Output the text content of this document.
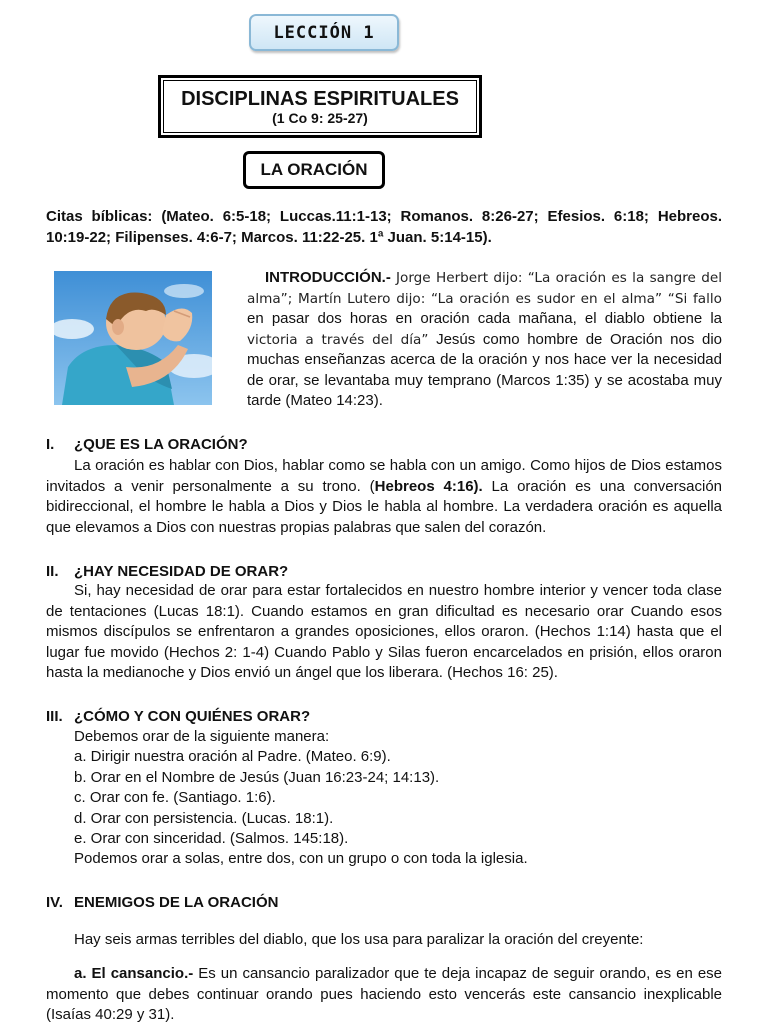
LECCIÓN 1
DISCIPLINAS ESPIRITUALES
(1 Co 9: 25-27)
LA ORACIÓN
Citas bíblicas: (Mateo. 6:5-18; Luccas.11:1-13; Romanos. 8:26-27; Efesios. 6:18; Hebreos. 10:19-22; Filipenses. 4:6-7; Marcos. 11:22-25. 1ª Juan. 5:14-15).
INTRODUCCIÓN.- Jorge Herbert dijo: “La oración es la sangre del alma”; Martín Lutero dijo: “La oración es sudor en el alma” “Si fallo en pasar dos horas en oración cada mañana, el diablo obtiene la victoria a través del día” Jesús como hombre de Oración nos dio muchas enseñanzas acerca de la oración y nos hace ver la necesidad de orar, se levantaba muy temprano (Marcos 1:35) y se acostaba muy tarde (Mateo 14:23).
I. ¿QUE ES LA ORACIÓN?
La oración es hablar con Dios, hablar como se habla con un amigo. Como hijos de Dios estamos invitados a venir personalmente a su trono. (Hebreos 4:16). La oración es una conversación bidireccional, el hombre le habla a Dios y Dios le habla al hombre. La verdadera oración es aquella que elevamos a Dios con nuestras propias palabras que salen del corazón.
II. ¿HAY NECESIDAD DE ORAR?
Si, hay necesidad de orar para estar fortalecidos en nuestro hombre interior y vencer toda clase de tentaciones (Lucas 18:1). Cuando estamos en gran dificultad es necesario orar Cuando esos mismos discípulos se enfrentaron a grandes oposiciones, ellos oraron. (Hechos 1:14) hasta que el lugar fue movido (Hechos 2: 1-4) Cuando Pablo y Silas fueron encarcelados en prisión, ellos oraron hasta la medianoche y Dios envió un ángel que los liberara. (Hechos 16: 25).
III. ¿CÓMO Y CON QUIÉNES ORAR?
Debemos orar de la siguiente manera:
a. Dirigir nuestra oración al Padre. (Mateo. 6:9).
b. Orar en el Nombre de Jesús (Juan 16:23-24; 14:13).
c. Orar con fe. (Santiago. 1:6).
d. Orar con persistencia. (Lucas. 18:1).
e. Orar con sinceridad. (Salmos. 145:18).
Podemos orar a solas, entre dos, con un grupo o con toda la iglesia.
IV. ENEMIGOS DE LA ORACIÓN
Hay seis armas terribles del diablo, que los usa para paralizar la oración del creyente:
a. El cansancio.- Es un cansancio paralizador que te deja incapaz de seguir orando, es en ese momento que debes continuar orando pues haciendo esto vencerás este cansancio inexplicable (Isaías 40:29 y 31).
